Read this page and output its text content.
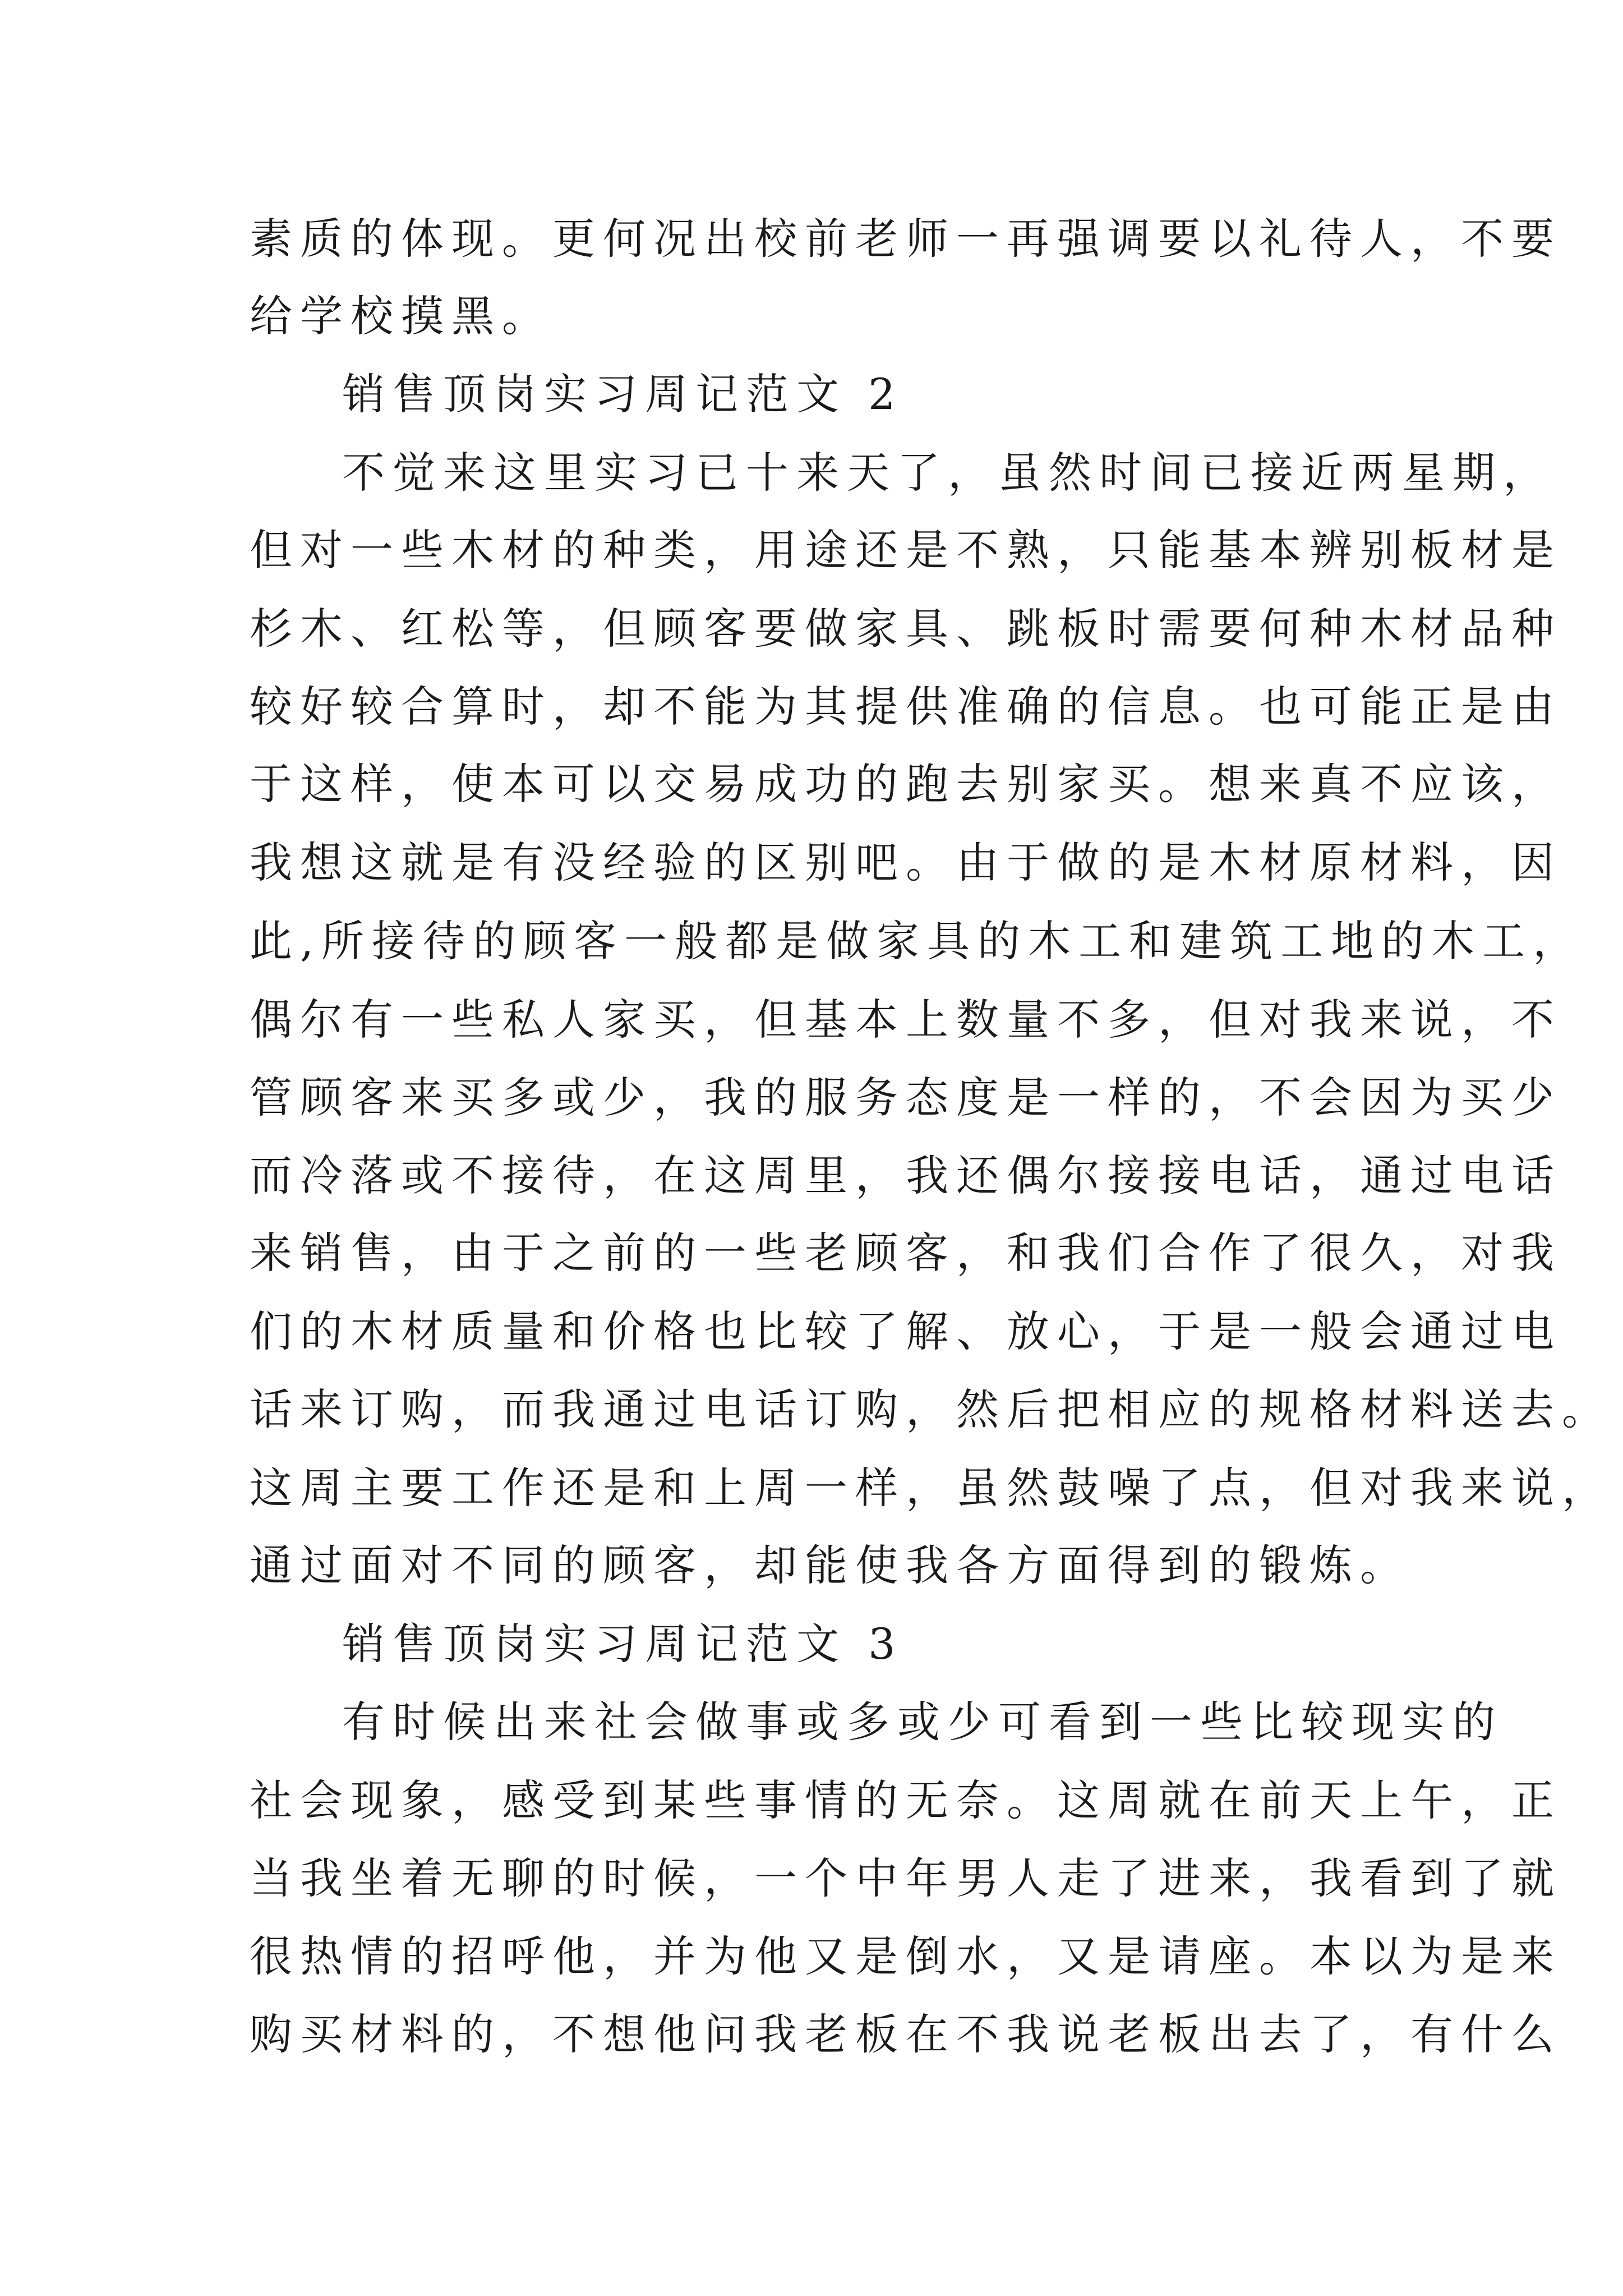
素质的体现。更何况出校前老师一再强调要以礼待人，不要
给学校摸黑。
销售顶岗实习周记范文 2
不觉来这里实习已十来天了，虽然时间已接近两星期，
但对一些木材的种类，用途还是不熟，只能基本辨别板材是
杉木、红松等，但顾客要做家具、跳板时需要何种木材品种
较好较合算时，却不能为其提供准确的信息。也可能正是由
于这样，使本可以交易成功的跑去别家买。想来真不应该，
我想这就是有没经验的区别吧。由于做的是木材原材料，因
此,所接待的顾客一般都是做家具的木工和建筑工地的木工，
偶尔有一些私人家买，但基本上数量不多，但对我来说，不
管顾客来买多或少，我的服务态度是一样的，不会因为买少
而冷落或不接待，在这周里，我还偶尔接接电话，通过电话
来销售，由于之前的一些老顾客，和我们合作了很久，对我
们的木材质量和价格也比较了解、放心，于是一般会通过电
话来订购，而我通过电话订购，然后把相应的规格材料送去。
这周主要工作还是和上周一样，虽然鼓噪了点，但对我来说，
通过面对不同的顾客，却能使我各方面得到的锻炼。
销售顶岗实习周记范文 3
有时候出来社会做事或多或少可看到一些比较现实的
社会现象，感受到某些事情的无奈。这周就在前天上午，正
当我坐着无聊的时候，一个中年男人走了进来，我看到了就
很热情的招呼他，并为他又是倒水，又是请座。本以为是来
购买材料的，不想他问我老板在不我说老板出去了，有什么
